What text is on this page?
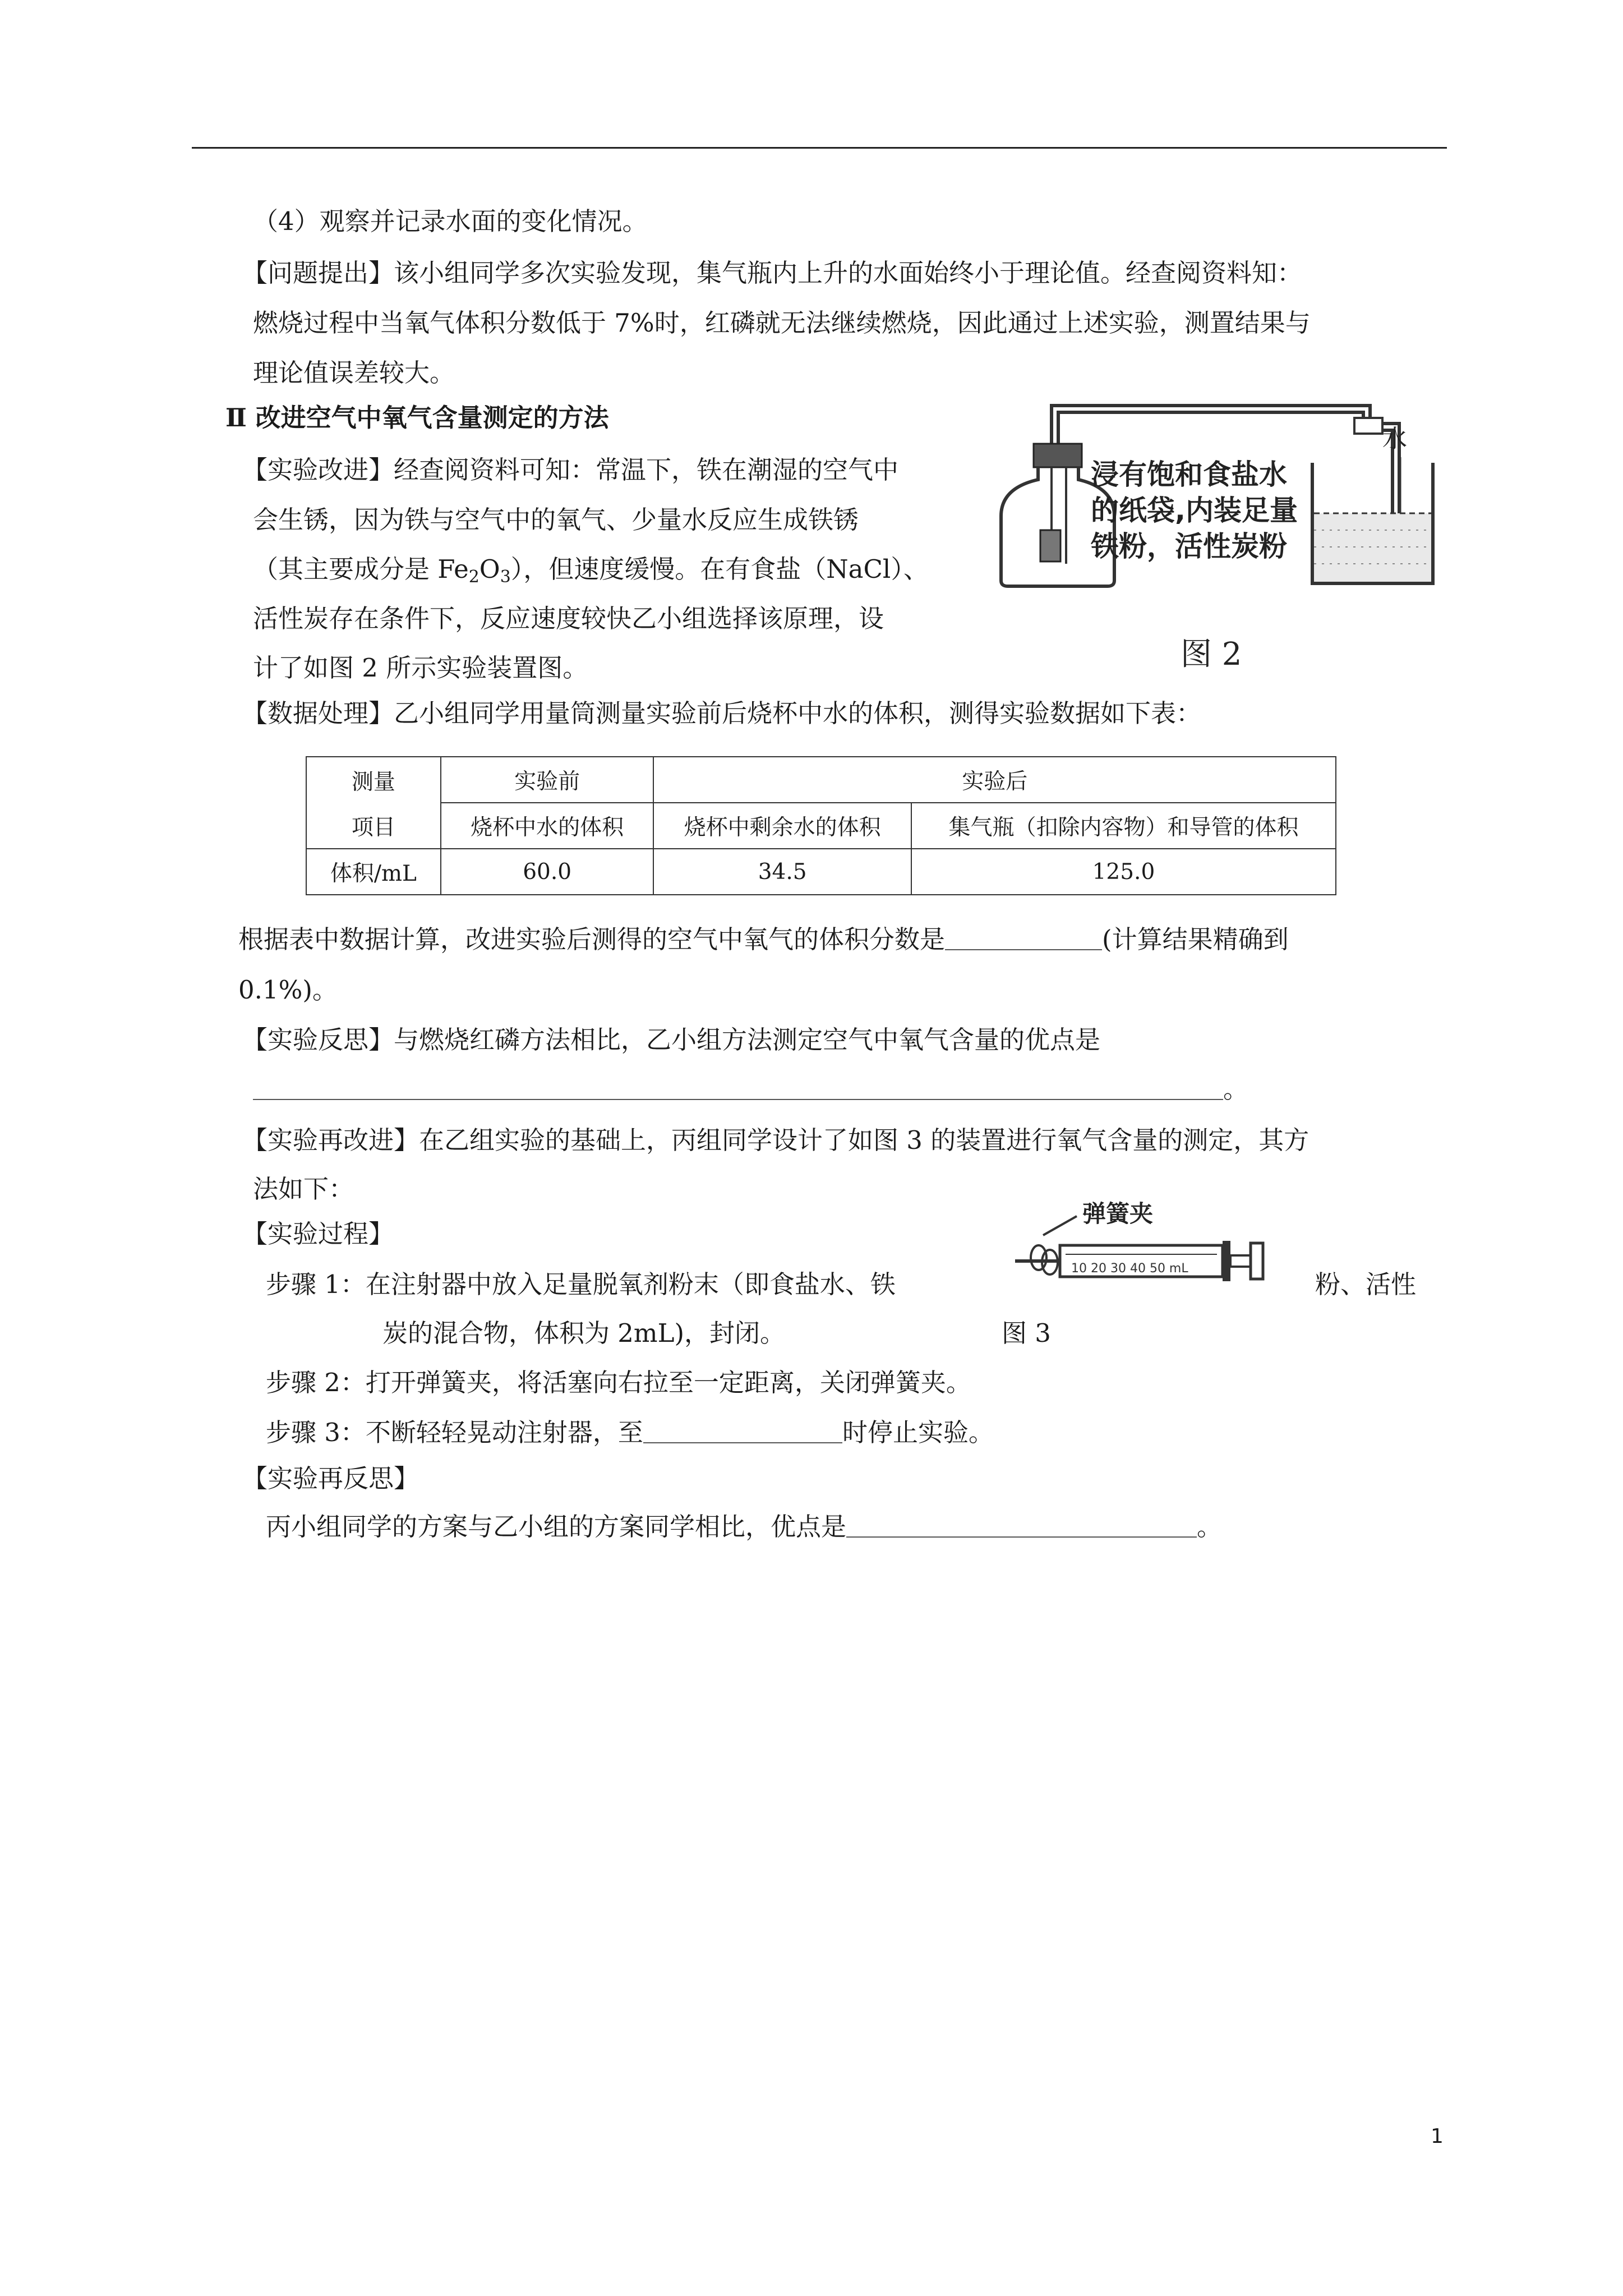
（4）观察并记录水面的变化情况。
【问题提出】该小组同学多次实验发现，集气瓶内上升的水面始终小于理论值。经查阅资料知：
燃烧过程中当氧气体积分数低于 7%时，红磷就无法继续燃烧，因此通过上述实验，测置结果与
理论值误差较大。
Ⅱ 改进空气中氧气含量测定的方法
【实验改进】经查阅资料可知：常温下，铁在潮湿的空气中
会生锈，因为铁与空气中的氧气、少量水反应生成铁锈
（其主要成分是 $Fe_2O_3$），但速度缓慢。在有食盐（NaCl）、
活性炭存在条件下，反应速度较快乙小组选择该原理，设
计了如图 2 所示实验装置图。
浸有饱和食盐水
的纸袋,内装足量
铁粉，活性炭粉
水
图 2
【数据处理】乙小组同学用量筒测量实验前后烧杯中水的体积，测得实验数据如下表：
测量	实验前	实验后	
项目	烧杯中水的体积	烧杯中剩余水的体积	集气瓶（扣除内容物）和导管的体积
体积/mL	60.0	34.5	125.0
根据表中数据计算，改进实验后测得的空气中氧气的体积分数是	(计算结果精确到
0.1%)。
【实验反思】与燃烧红磷方法相比，乙小组方法测定空气中氧气含量的优点是
。
【实验再改进】在乙组实验的基础上，丙组同学设计了如图 3 的装置进行氧气含量的测定，其方
法如下：
【实验过程】
步骤 1：在注射器中放入足量脱氧剂粉末（即食盐水、铁	粉、活性
炭的混合物，体积为 2mL)，封闭。
弹簧夹
10 20 30 40 50 mL
图 3
步骤 2：打开弹簧夹，将活塞向右拉至一定距离，关闭弹簧夹。
步骤 3：不断轻轻晃动注射器，至	时停止实验。
【实验再反思】
丙小组同学的方案与乙小组的方案同学相比，优点是	。
1
